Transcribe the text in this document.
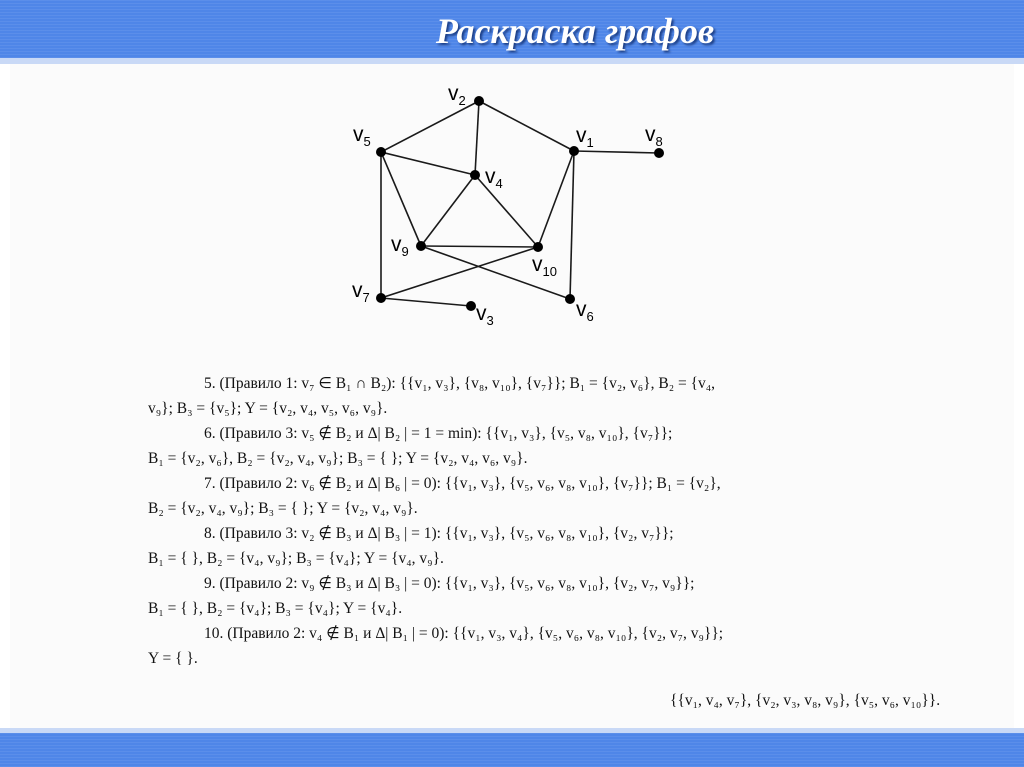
Раскраска графов
$v_1$
$v_2$
$v_3$
$v_4$
$v_5$
$v_6$
$v_7$
$v_8$
$v_9$
$v_{10}$
5. (Правило 1: v₇ ∈ B₁ ∩ B₂): {{v₁, v₃}, {v₈, v₁₀}, {v₇}}; B₁ = {v₂, v₆}, B₂ = {v₄,
v₉}; B₃ = {v₅}; Y = {v₂, v₄, v₅, v₆, v₉}.
6. (Правило 3: v₅ ∉ B₂ и Δ| B₂ | = 1 = min): {{v₁, v₃}, {v₅, v₈, v₁₀}, {v₇}};
B₁ = {v₂, v₆}, B₂ = {v₂, v₄, v₉}; B₃ = { }; Y = {v₂, v₄, v₆, v₉}.
7. (Правило 2: v₆ ∉ B₂ и Δ| B₆ | = 0): {{v₁, v₃}, {v₅, v₆, v₈, v₁₀}, {v₇}}; B₁ = {v₂},
B₂ = {v₂, v₄, v₉}; B₃ = { }; Y = {v₂, v₄, v₉}.
8. (Правило 3: v₂ ∉ B₃ и Δ| B₃ | = 1): {{v₁, v₃}, {v₅, v₆, v₈, v₁₀}, {v₂, v₇}};
B₁ = { }, B₂ = {v₄, v₉}; B₃ = {v₄}; Y = {v₄, v₉}.
9. (Правило 2: v₉ ∉ B₃ и Δ| B₃ | = 0): {{v₁, v₃}, {v₅, v₆, v₈, v₁₀}, {v₂, v₇, v₉}};
B₁ = { }, B₂ = {v₄}; B₃ = {v₄}; Y = {v₄}.
10. (Правило 2: v₄ ∉ B₁ и Δ| B₁ | = 0): {{v₁, v₃, v₄}, {v₅, v₆, v₈, v₁₀}, {v₂, v₇, v₉}};
Y = { }.
{{v₁, v₄, v₇}, {v₂, v₃, v₈, v₉}, {v₅, v₆, v₁₀}}.
